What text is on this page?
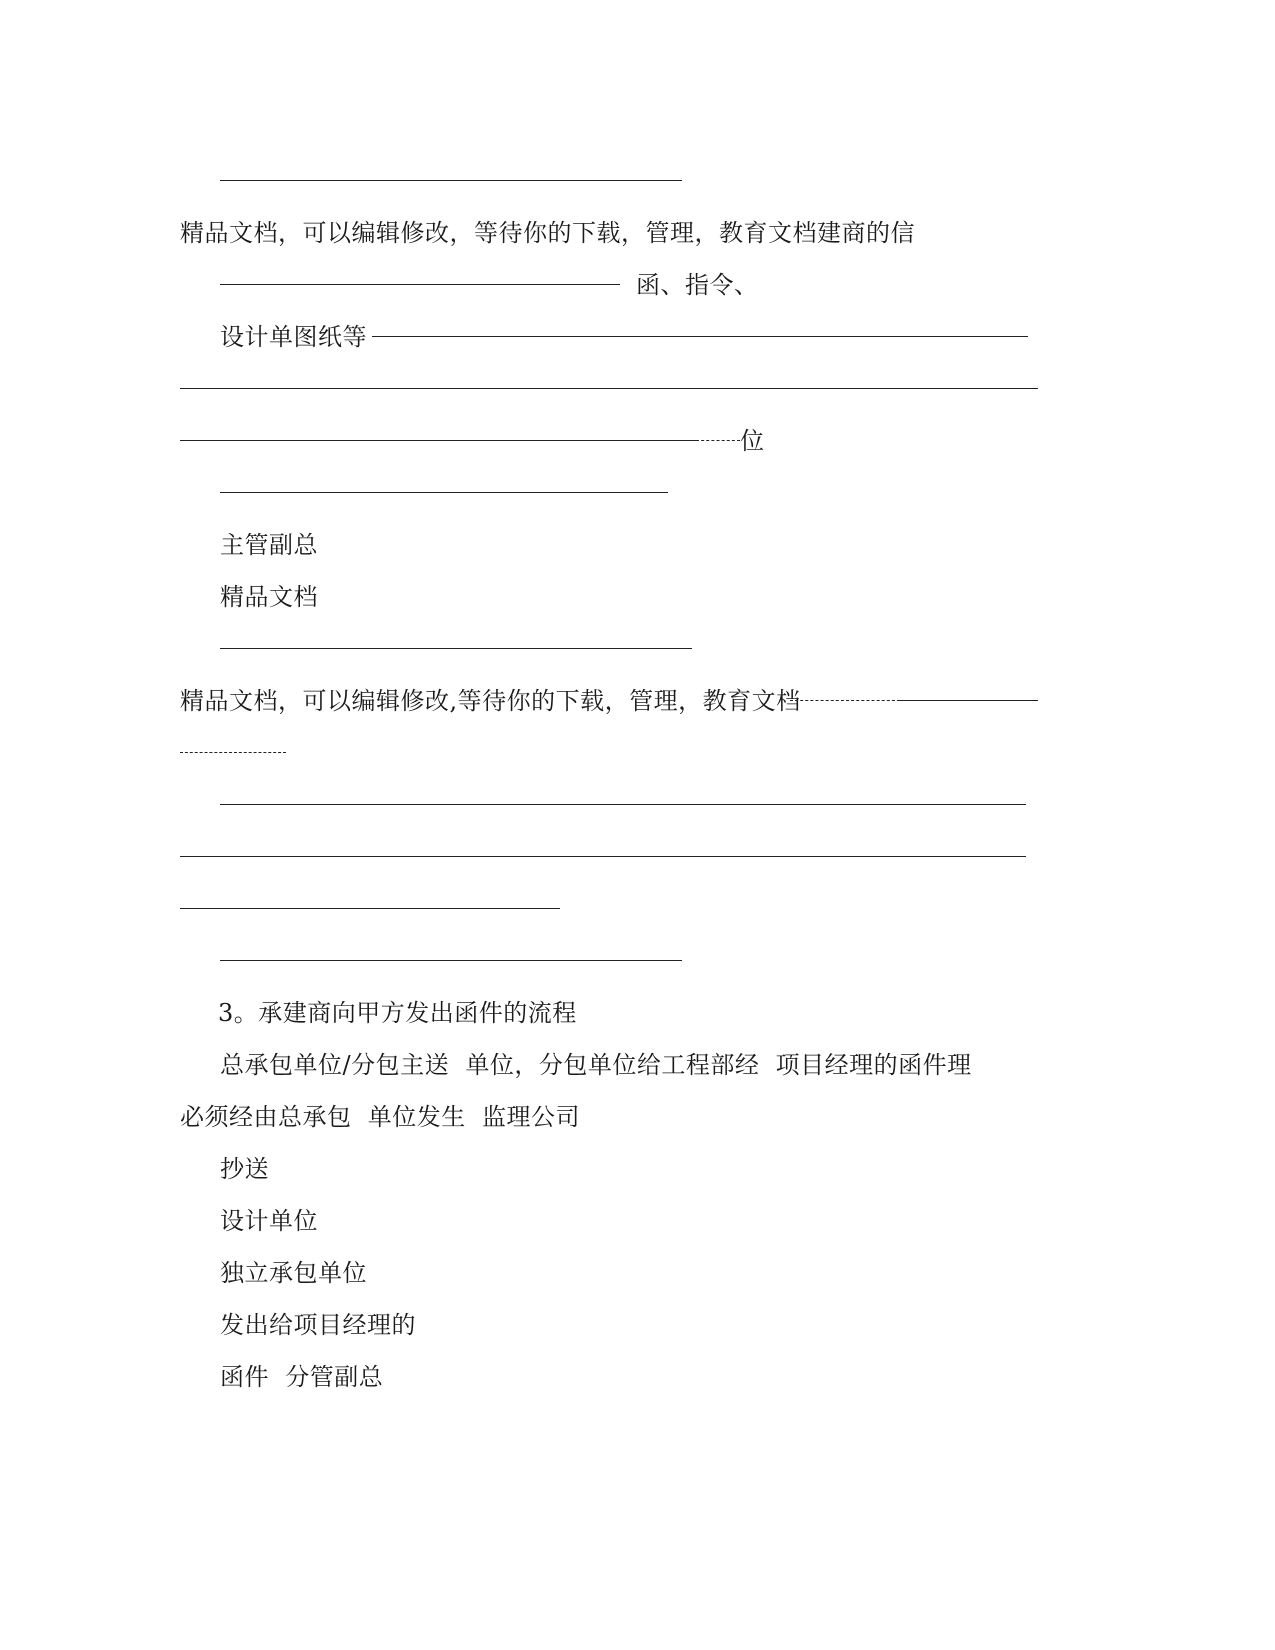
精品文档，可以编辑修改，等待你的下载，管理，教育文档建商的信
函、指令、
设计单图纸等
位
主管副总
精品文档
精品文档，可以编辑修改,等待你的下载，管理，教育文档
3。承建商向甲方发出函件的流程
总承包单位/分包主送  单位，分包单位给工程部经  项目经理的函件理
必须经由总承包  单位发生  监理公司
抄送
设计单位
独立承包单位
发出给项目经理的
函件  分管副总
